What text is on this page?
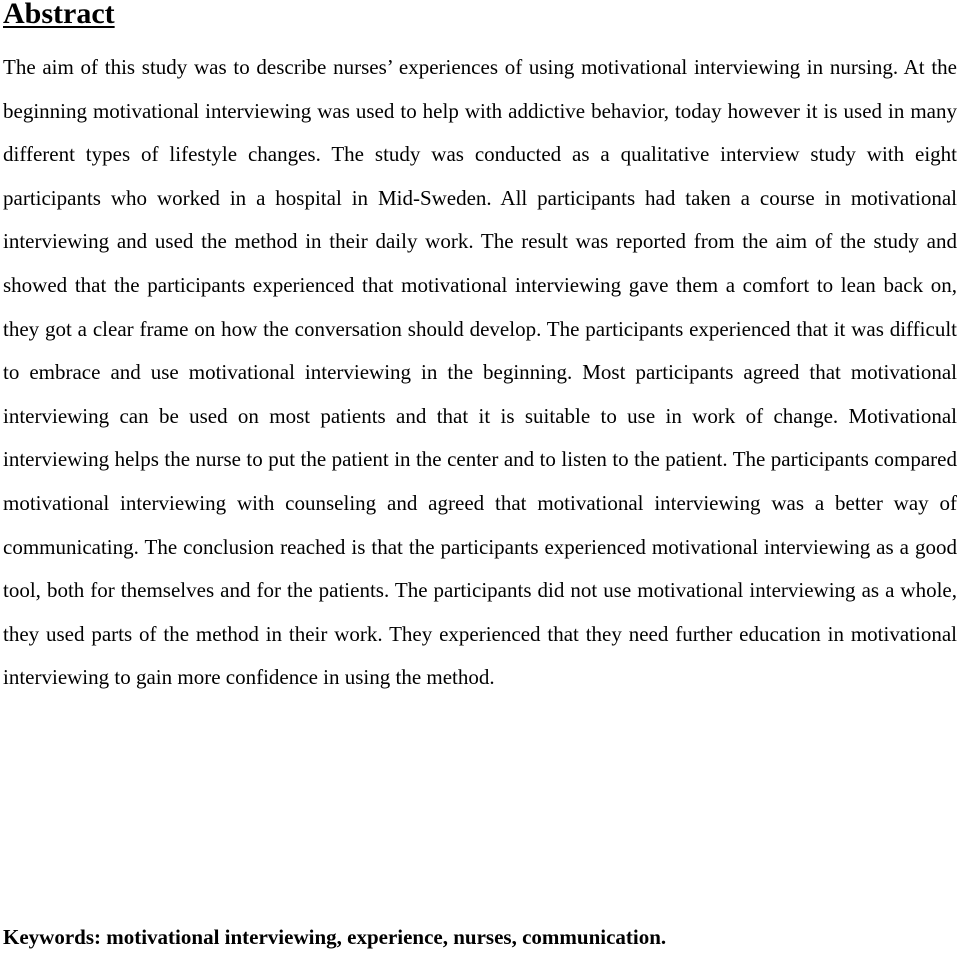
Abstract

The aim of this study was to describe nurses’ experiences of using motivational interviewing in nursing. At the beginning motivational interviewing was used to help with addictive behavior, today however it is used in many different types of lifestyle changes. The study was conducted as a qualitative interview study with eight participants who worked in a hospital in Mid-Sweden. All participants had taken a course in motivational interviewing and used the method in their daily work. The result was reported from the aim of the study and showed that the participants experienced that motivational interviewing gave them a comfort to lean back on, they got a clear frame on how the conversation should develop. The participants experienced that it was difficult to embrace and use motivational interviewing in the beginning. Most participants agreed that motivational interviewing can be used on most patients and that it is suitable to use in work of change. Motivational interviewing helps the nurse to put the patient in the center and to listen to the patient. The participants compared motivational interviewing with counseling and agreed that motivational interviewing was a better way of communicating. The conclusion reached is that the participants experienced motivational interviewing as a good tool, both for themselves and for the patients. The participants did not use motivational interviewing as a whole, they used parts of the method in their work. They experienced that they need further education in motivational interviewing to gain more confidence in using the method.

Keywords: motivational interviewing, experience, nurses, communication.
